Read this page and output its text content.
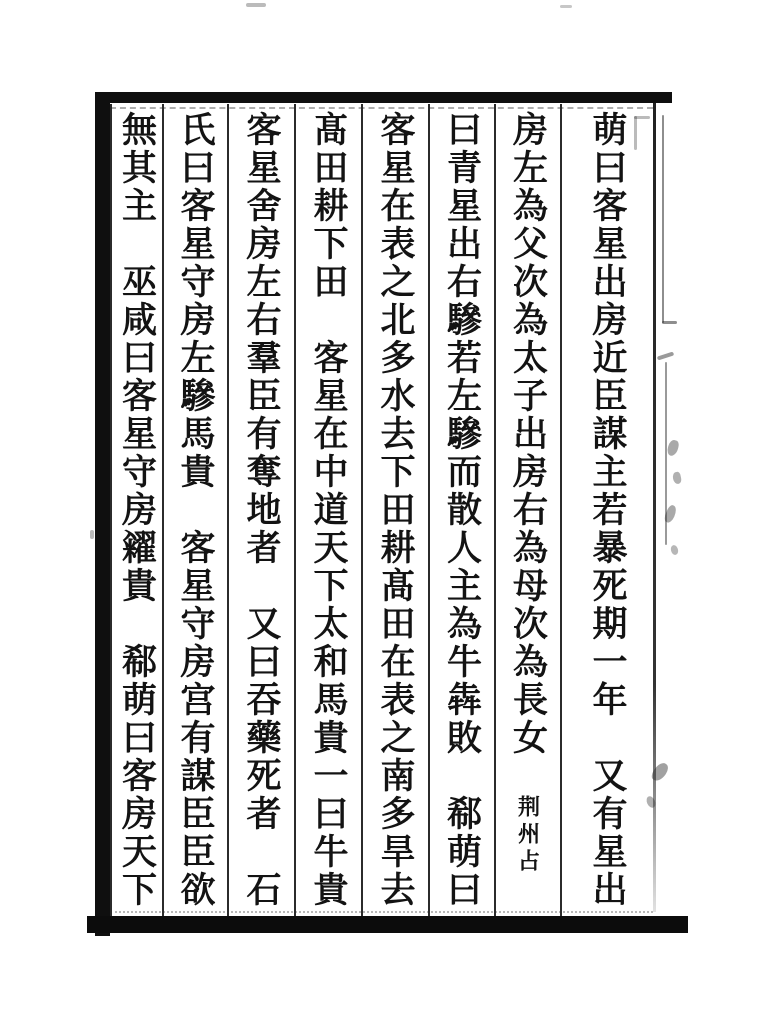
萌曰客星出房近臣謀主若暴死期一年又有星出
房左為父次為太子出房右為母次為長女荆州占
曰青星出右驂若左驂而散人主為牛犇敗郗萌曰
客星在表之北多水去下田耕髙田在表之南多旱去
髙田耕下田客星在中道天下太和馬貴一曰牛貴
客星舍房左右羣臣有奪地者又曰吞藥死者石
氏曰客星守房左驂馬貴客星守房宫有謀臣臣欲
無其主巫咸曰客星守房糴貴郗萌曰客房天下
